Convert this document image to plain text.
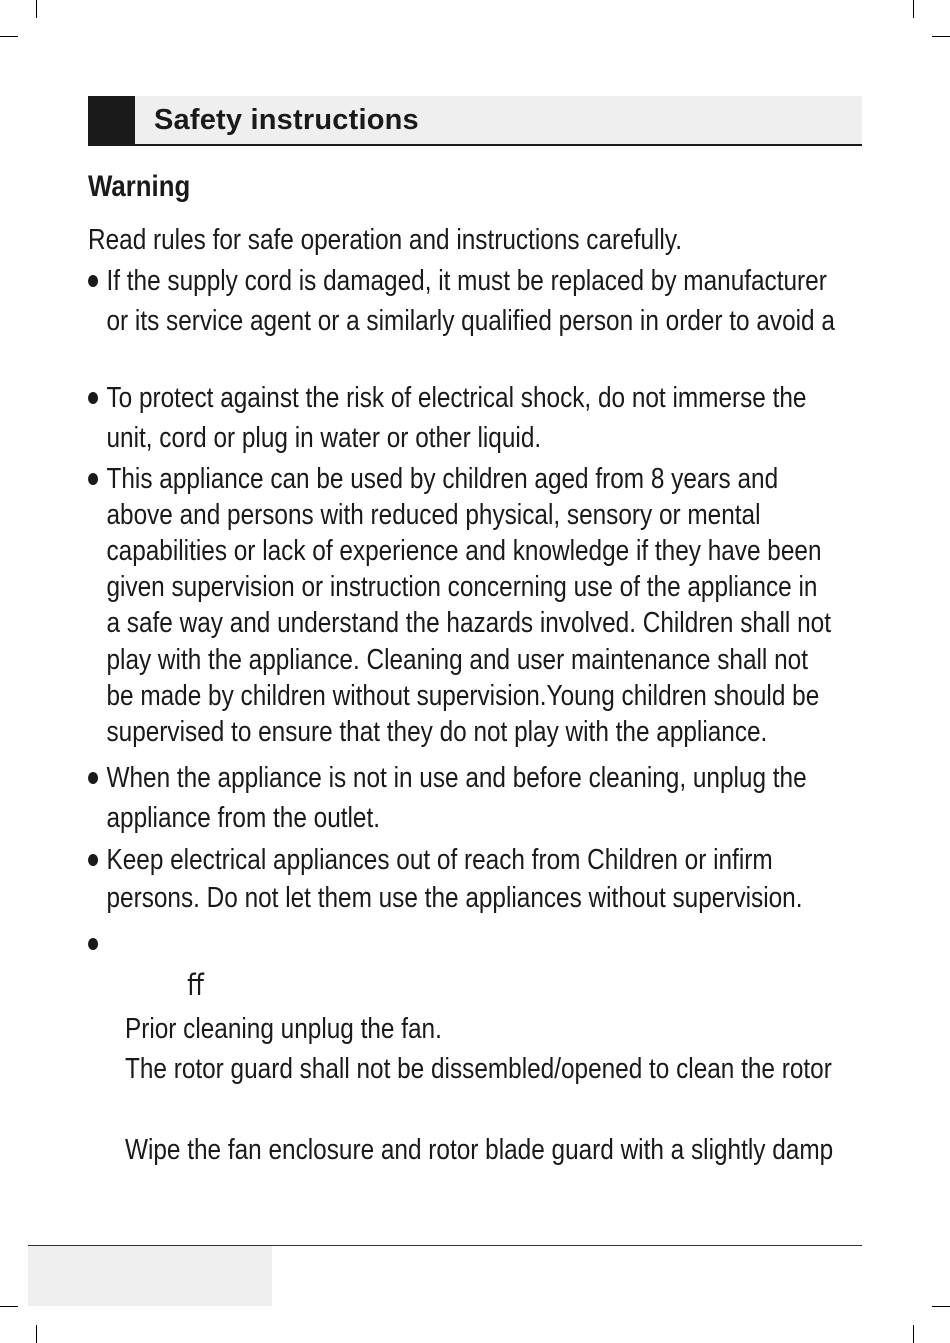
Safety instructions
Warning
Read rules for safe operation and instructions carefully.
If the supply cord is damaged, it must be replaced by manufacturer
or its service agent or a similarly qualified person in order to avoid a
To protect against the risk of electrical shock, do not immerse the
unit, cord or plug in water or other liquid.
This appliance can be used by children aged from 8 years and
above and persons with reduced physical, sensory or mental
capabilities or lack of experience and knowledge if they have been
given supervision or instruction concerning use of the appliance in
a safe way and understand the hazards involved. Children shall not
play with the appliance. Cleaning and user maintenance shall not
be made by children without supervision.Young children should be
supervised to ensure that they do not play with the appliance.
When the appliance is not in use and before cleaning, unplug the
appliance from the outlet.
Keep electrical appliances out of reach from Children or infirm
persons. Do not let them use the appliances without supervision.
ﬀ
Prior cleaning unplug the fan.
The rotor guard shall not be dissembled/opened to clean the rotor
Wipe the fan enclosure and rotor blade guard with a slightly damp
